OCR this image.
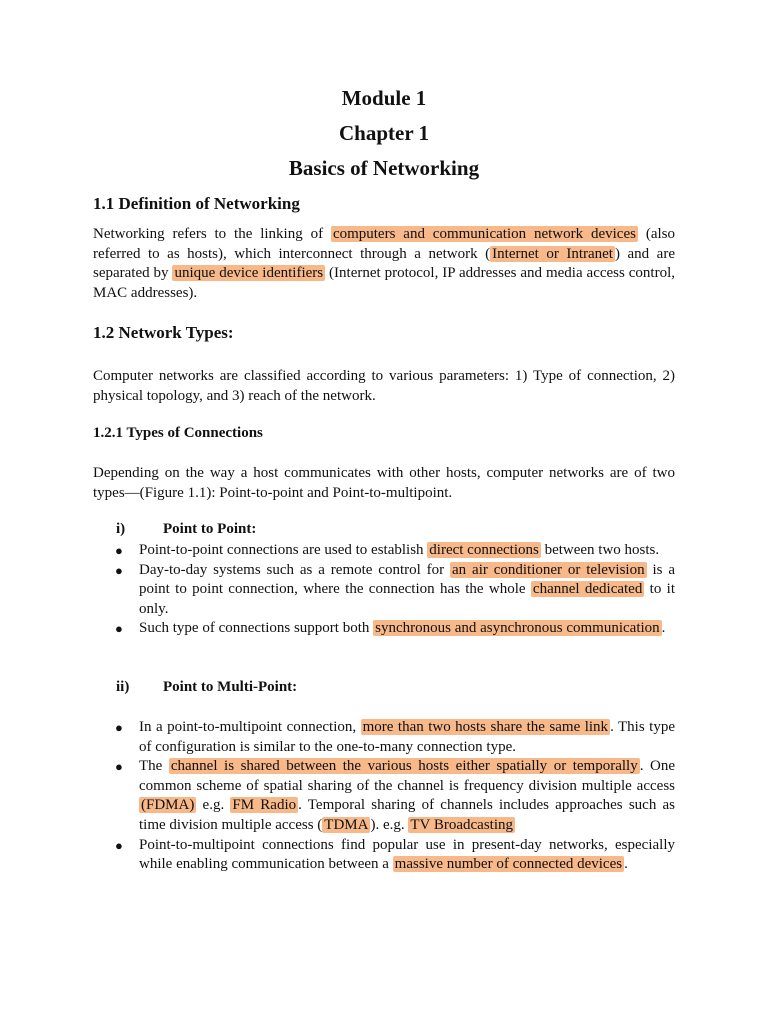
Module 1
Chapter 1
Basics of Networking
1.1 Definition of Networking

Networking refers to the linking of computers and communication network devices (also referred to as hosts), which interconnect through a network ( Internet or Intranet ) and are separated by unique device identifiers (Internet protocol, IP addresses and media access control, MAC addresses).

1.2 Network Types:

Computer networks are classified according to various parameters: 1) Type of connection, 2) physical topology, and 3) reach of the network.

1.2.1 Types of Connections

Depending on the way a host communicates with other hosts, computer networks are of two types—(Figure 1.1): Point-to-point and Point-to-multipoint.

i)	Point to Point:
● Point-to-point connections are used to establish direct connections between two hosts.
● Day-to-day systems such as a remote control for an air conditioner or television is a point to point connection, where the connection has the whole channel dedicated to it only.
● Such type of connections support both synchronous and asynchronous communication .
ii) Point to Multi-Point:
● In a point-to-multipoint connection, more than two hosts share the same link . This type of configuration is similar to the one-to-many connection type.
● The channel is shared between the various hosts either spatially or temporally . One common scheme of spatial sharing of the channel is frequency division multiple access (FDMA) e.g. FM Radio . Temporal sharing of channels includes approaches such as time division multiple access ( TDMA ). e.g. TV Broadcasting
● Point-to-multipoint connections find popular use in present-day networks, especially while enabling communication between a massive number of connected devices .
